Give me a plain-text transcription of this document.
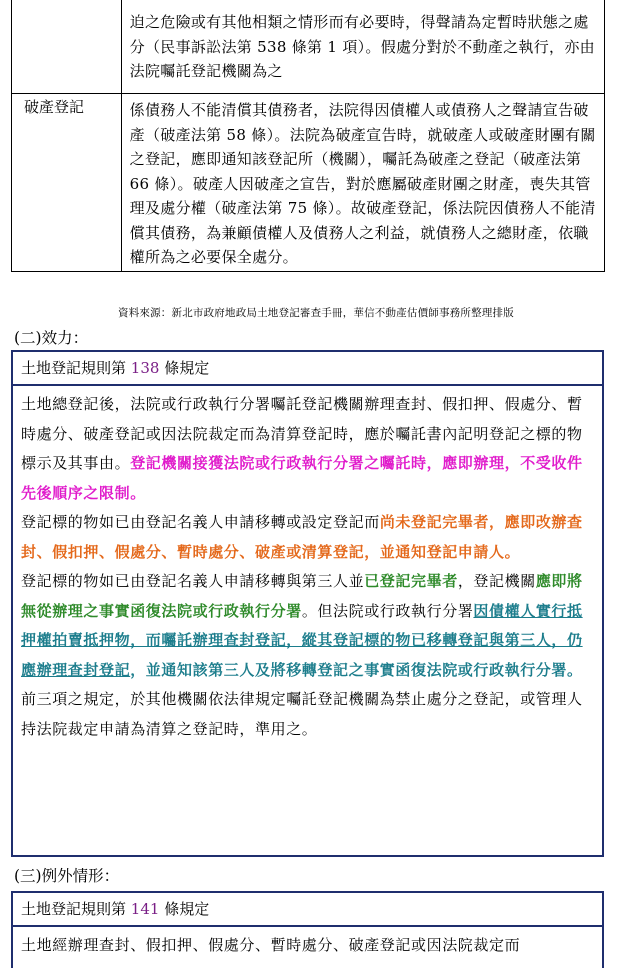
	迫之危險或有其他相類之情形而有必要時，得聲請為定暫時狀態之處分（民事訴訟法第 538 條第 1 項）。假處分對於不動產之執行，亦由法院囑託登記機關為之
破產登記	係債務人不能清償其債務者，法院得因債權人或債務人之聲請宣告破產（破產法第 58 條）。法院為破產宣告時，就破產人或破產財團有關之登記，應即通知該登記所（機關），囑託為破產之登記（破產法第 66 條）。破產人因破產之宣告，對於應屬破產財團之財產，喪失其管理及處分權（破產法第 75 條）。故破產登記，係法院因債務人不能清償其債務，為兼顧債權人及債務人之利益，就債務人之總財產，依職權所為之必要保全處分。
資料來源：新北市政府地政局土地登記審查手冊，華信不動產估價師事務所整理排版
(二)效力：
土地登記規則第 138 條規定

土地總登記後，法院或行政執行分署囑託登記機關辦理查封、假扣押、假處分、暫時處分、破產登記或因法院裁定而為清算登記時，應於囑託書內記明登記之標的物標示及其事由。登記機關接獲法院或行政執行分署之囑託時，應即辦理，不受收件先後順序之限制。

登記標的物如已由登記名義人申請移轉或設定登記而尚未登記完畢者，應即改辦查封、假扣押、假處分、暫時處分、破產或清算登記，並通知登記申請人。

登記標的物如已由登記名義人申請移轉與第三人並已登記完畢者，登記機關應即將無從辦理之事實函復法院或行政執行分署。但法院或行政執行分署因債權人實行抵押權拍賣抵押物，而囑託辦理查封登記，縱其登記標的物已移轉登記與第三人，仍應辦理查封登記，並通知該第三人及將移轉登記之事實函復法院或行政執行分署。

前三項之規定，於其他機關依法律規定囑託登記機關為禁止處分之登記，或管理人持法院裁定申請為清算之登記時，準用之。

(三)例外情形：
土地登記規則第 141 條規定

土地經辦理查封、假扣押、假處分、暫時處分、破產登記或因法院裁定而
